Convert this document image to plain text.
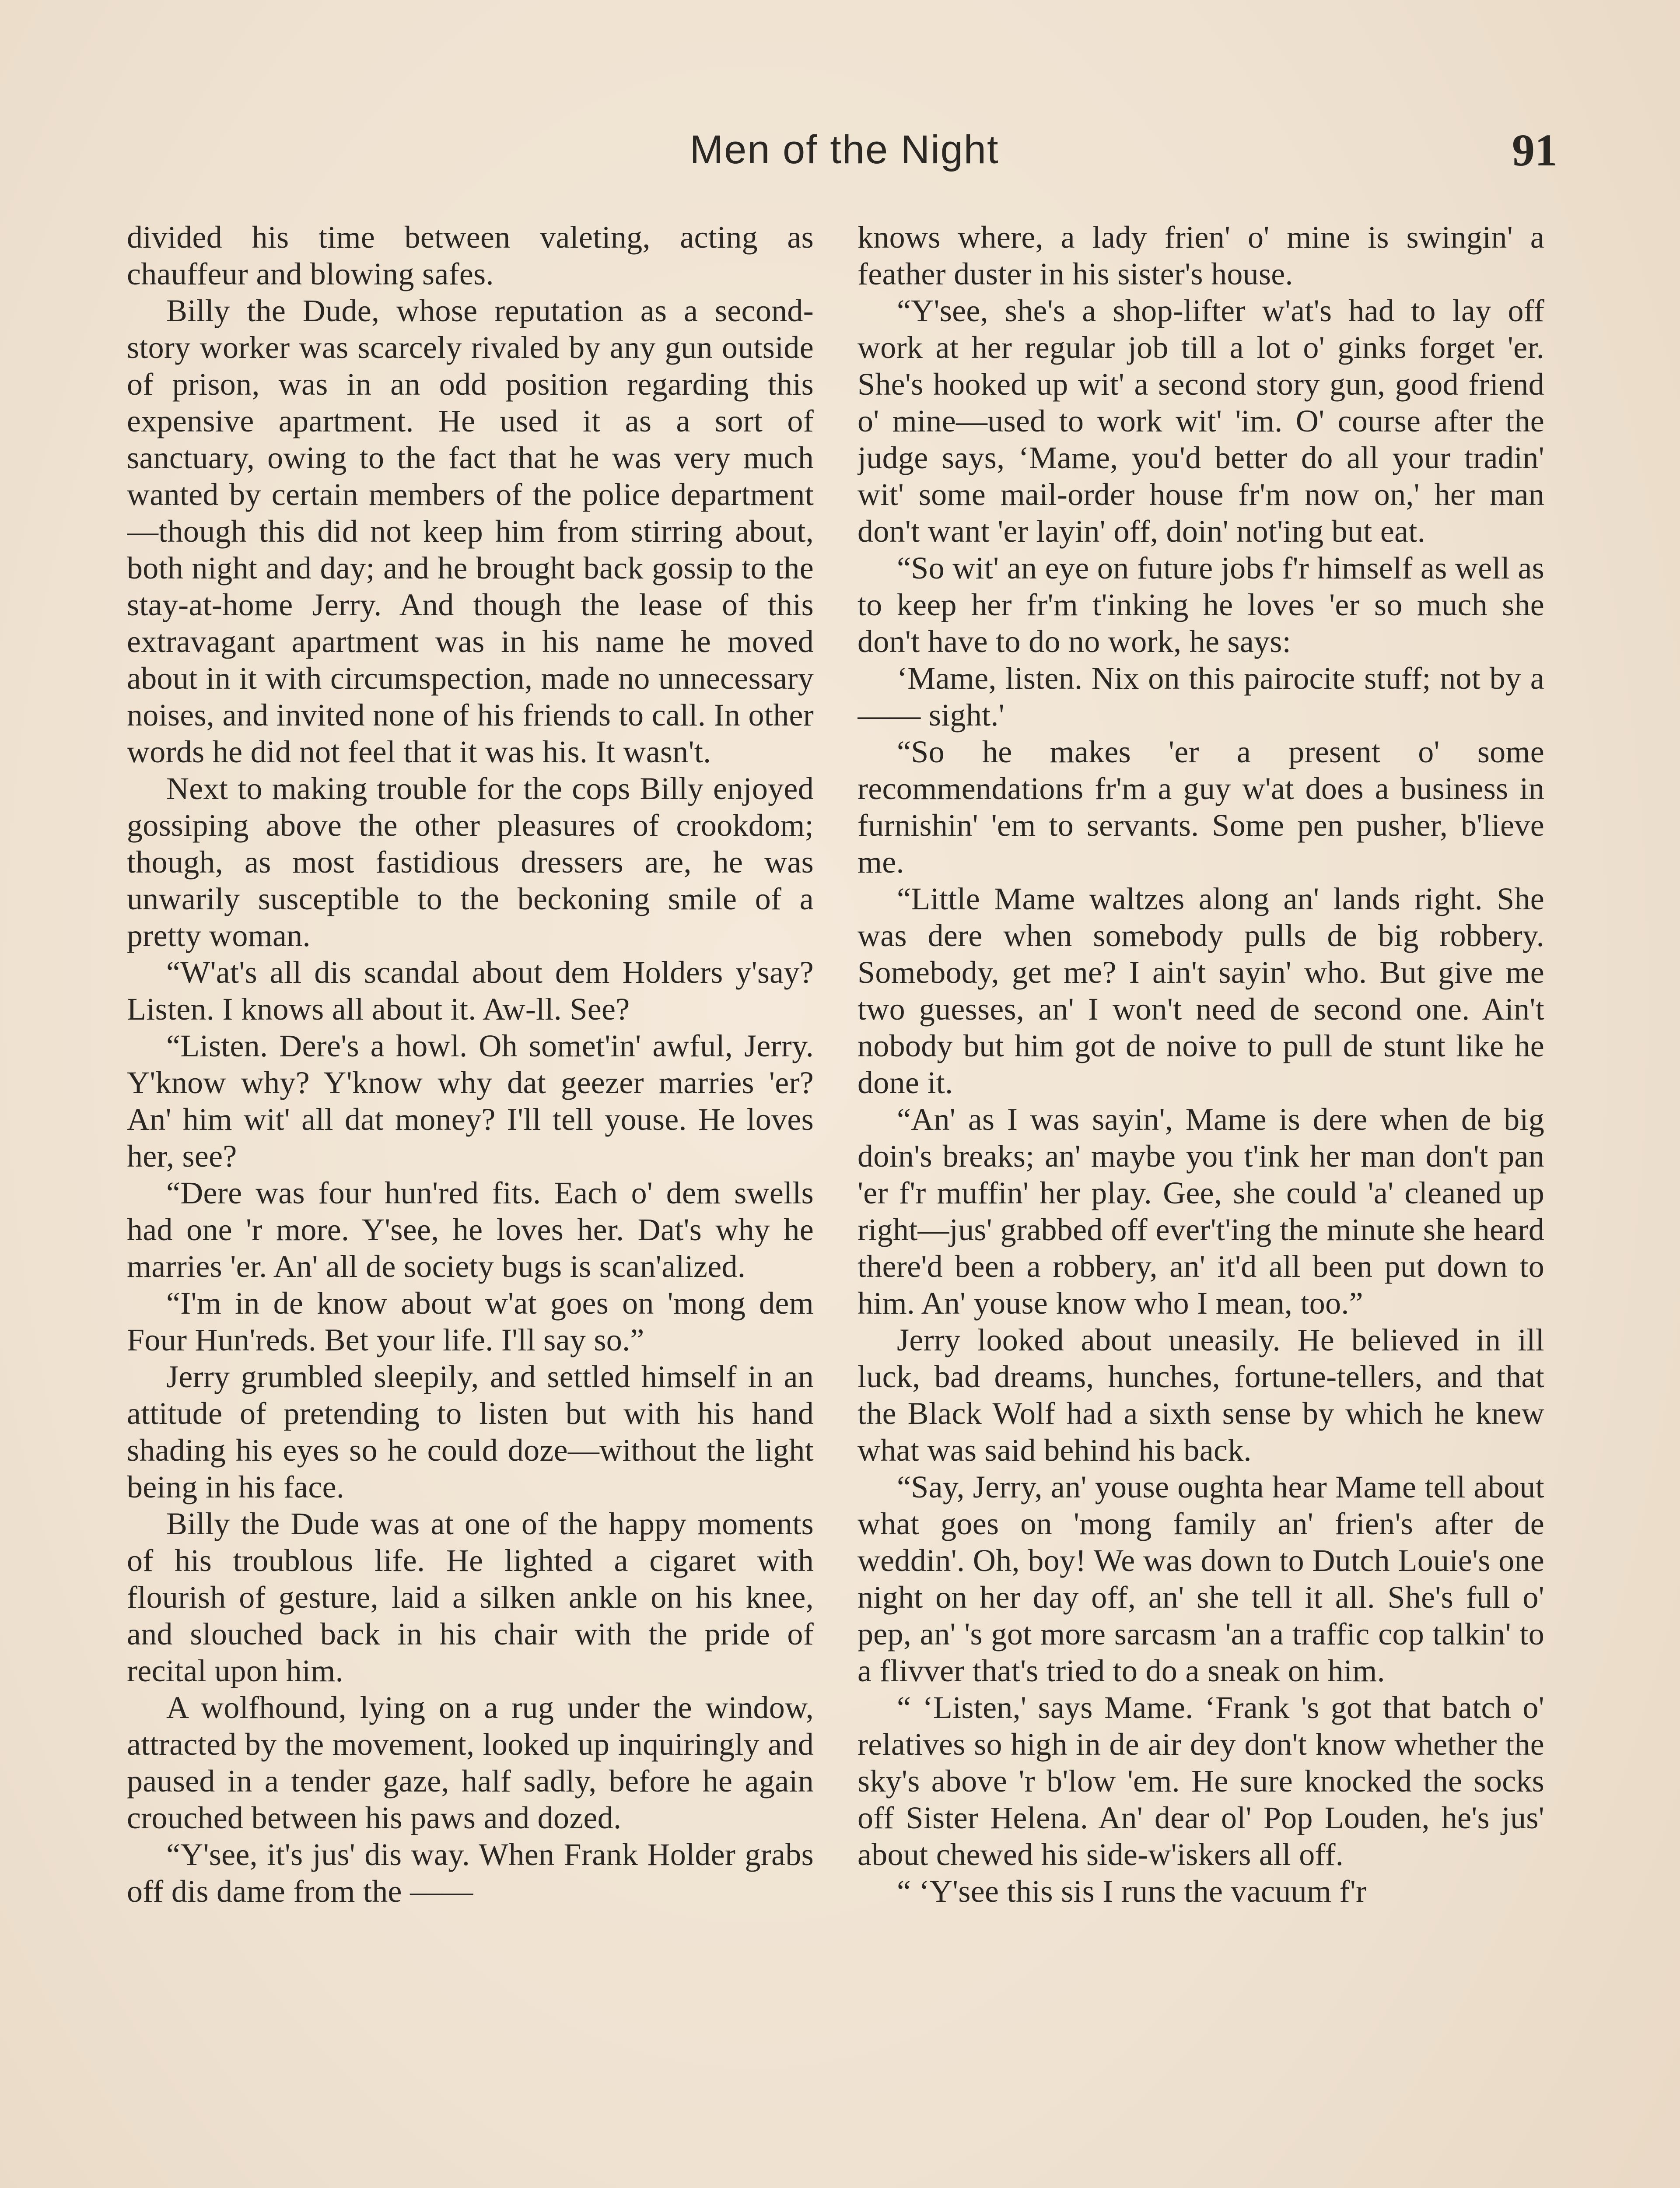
Men of the Night	91

divided his time between valeting, acting as chauffeur and blowing safes.

Billy the Dude, whose reputation as a second-story worker was scarcely rivaled by any gun outside of prison, was in an odd position regarding this expensive apartment. He used it as a sort of sanctuary, owing to the fact that he was very much wanted by certain members of the police department—though this did not keep him from stirring about, both night and day; and he brought back gossip to the stay-at-home Jerry. And though the lease of this extravagant apartment was in his name he moved about in it with circumspection, made no unnecessary noises, and invited none of his friends to call. In other words he did not feel that it was his. It wasn't.

Next to making trouble for the cops Billy enjoyed gossiping above the other pleasures of crookdom; though, as most fastidious dressers are, he was unwarily susceptible to the beckoning smile of a pretty woman.

“W'at's all dis scandal about dem Holders y'say? Listen. I knows all about it. Aw-ll. See?

“Listen. Dere's a howl. Oh somet'in' awful, Jerry. Y'know why? Y'know why dat geezer marries 'er? An' him wit' all dat money? I'll tell youse. He loves her, see?

“Dere was four hun'red fits. Each o' dem swells had one 'r more. Y'see, he loves her. Dat's why he marries 'er. An' all de society bugs is scan'alized.

“I'm in de know about w'at goes on 'mong dem Four Hun'reds. Bet your life. I'll say so.”

Jerry grumbled sleepily, and settled himself in an attitude of pretending to listen but with his hand shading his eyes so he could doze—without the light being in his face.

Billy the Dude was at one of the happy moments of his troublous life. He lighted a cigaret with flourish of gesture, laid a silken ankle on his knee, and slouched back in his chair with the pride of recital upon him.

A wolfhound, lying on a rug under the window, attracted by the movement, looked up inquiringly and paused in a tender gaze, half sadly, before he again crouched between his paws and dozed.

“Y'see, it's jus' dis way. When Frank Holder grabs off dis dame from the ——

knows where, a lady frien' o' mine is swingin' a feather duster in his sister's house.

“Y'see, she's a shop-lifter w'at's had to lay off work at her regular job till a lot o' ginks forget 'er. She's hooked up wit' a second story gun, good friend o' mine—used to work wit' 'im. O' course after the judge says, ‘Mame, you'd better do all your tradin' wit' some mail-order house fr'm now on,' her man don't want 'er layin' off, doin' not'ing but eat.

“So wit' an eye on future jobs f'r himself as well as to keep her fr'm t'inking he loves 'er so much she don't have to do no work, he says:

‘Mame, listen. Nix on this pairocite stuff; not by a —— sight.'

“So he makes 'er a present o' some recommendations fr'm a guy w'at does a business in furnishin' 'em to servants. Some pen pusher, b'lieve me.

“Little Mame waltzes along an' lands right. She was dere when somebody pulls de big robbery. Somebody, get me? I ain't sayin' who. But give me two guesses, an' I won't need de second one. Ain't nobody but him got de noive to pull de stunt like he done it.

“An' as I was sayin', Mame is dere when de big doin's breaks; an' maybe you t'ink her man don't pan 'er f'r muffin' her play. Gee, she could 'a' cleaned up right—jus' grabbed off ever't'ing the minute she heard there'd been a robbery, an' it'd all been put down to him. An' youse know who I mean, too.”

Jerry looked about uneasily. He believed in ill luck, bad dreams, hunches, fortune-tellers, and that the Black Wolf had a sixth sense by which he knew what was said behind his back.

“Say, Jerry, an' youse oughta hear Mame tell about what goes on 'mong family an' frien's after de weddin'. Oh, boy! We was down to Dutch Louie's one night on her day off, an' she tell it all. She's full o' pep, an' 's got more sarcasm 'an a traffic cop talkin' to a flivver that's tried to do a sneak on him.

“ ‘Listen,' says Mame. ‘Frank 's got that batch o' relatives so high in de air dey don't know whether the sky's above 'r b'low 'em. He sure knocked the socks off Sister Helena. An' dear ol' Pop Louden, he's jus' about chewed his side-w'iskers all off.

“ ‘Y'see this sis I runs the vacuum f'r
